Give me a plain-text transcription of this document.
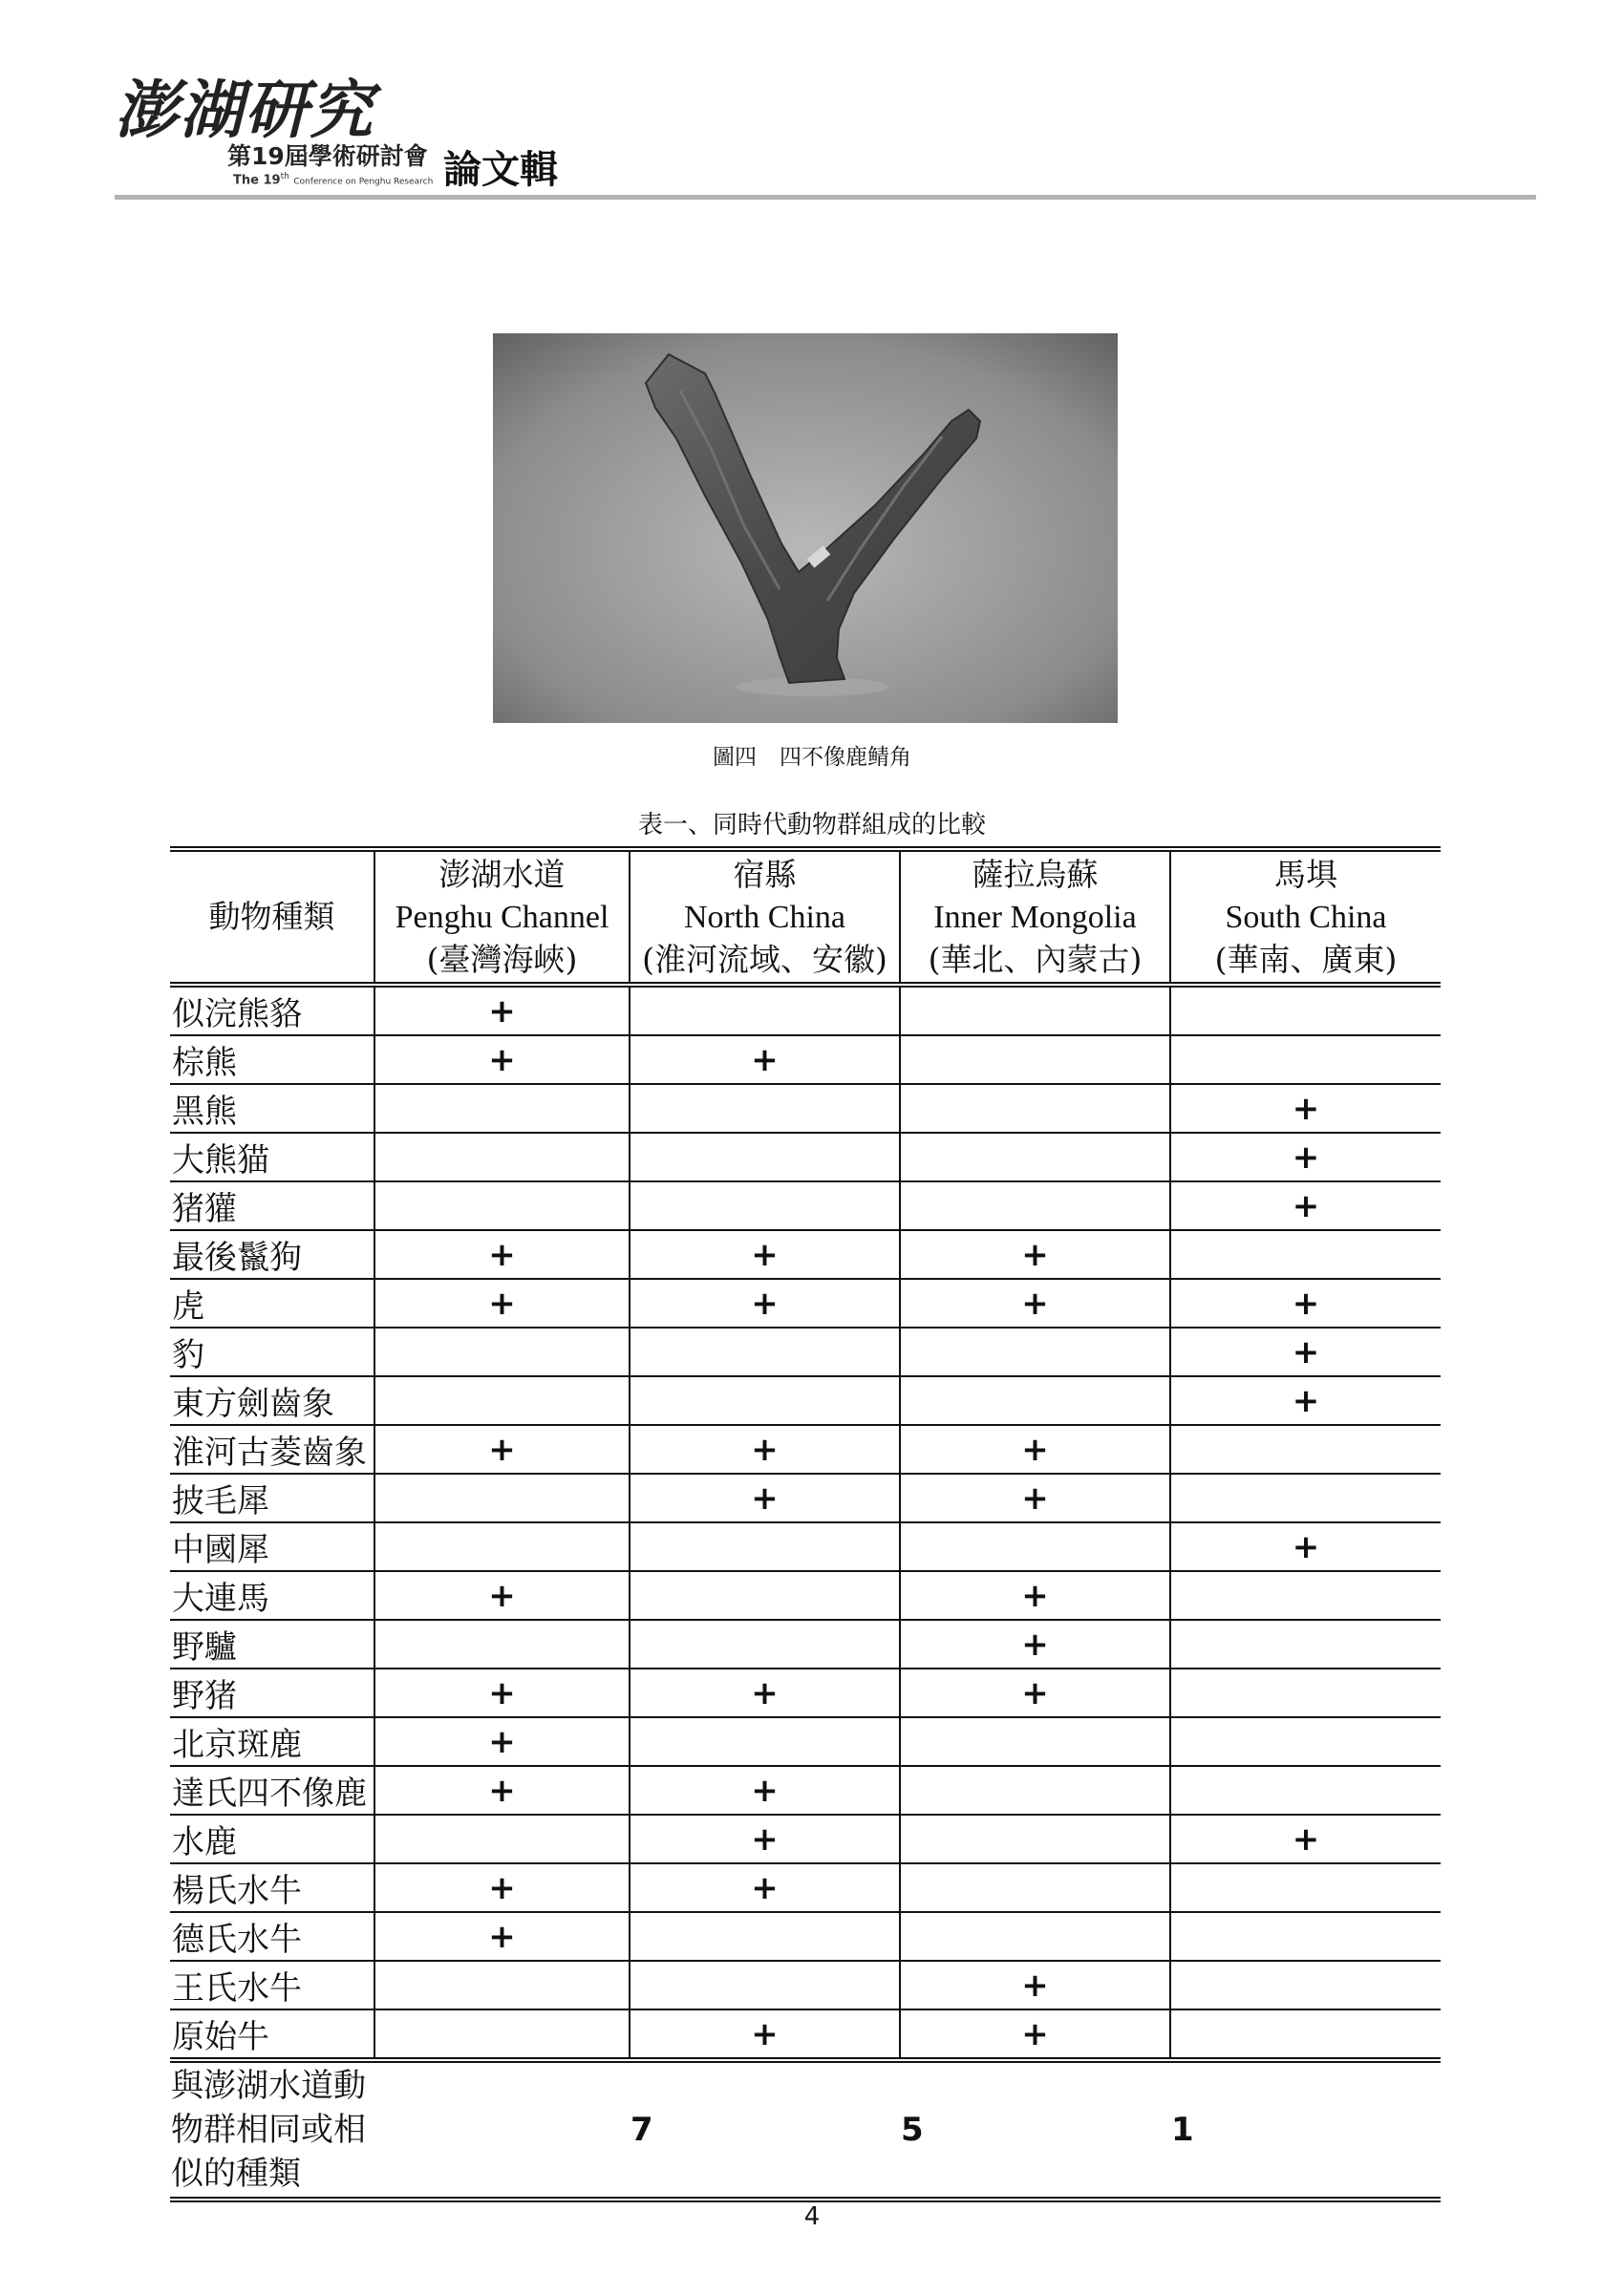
澎湖研究
第19屆學術研討會
The 19th Conference on Penghu Research 論文輯
圖四 四不像鹿鲭角
表一、同時代動物群組成的比較
動物種類	澎湖水道
Penghu Channel
(臺灣海峽)	宿縣
North China
(淮河流域、安徽)	薩拉烏蘇
Inner Mongolia
(華北、內蒙古)	馬埧
South China
(華南、廣東)
似浣熊貉	+			
棕熊	+	+		
黑熊				+
大熊猫				+
猪獾				+
最後鬣狗	+	+	+	
虎	+	+	+	+
豹				+
東方劍齒象				+
淮河古菱齒象	+	+	+	
披毛犀		+	+	
中國犀				+
大連馬	+		+	
野驢			+	
野猪	+	+	+	
北京斑鹿	+			
達氏四不像鹿	+	+		
水鹿		+		+
楊氏水牛	+	+		
德氏水牛	+			
王氏水牛			+	
原始牛		+	+	
與澎湖水道動
物群相同或相
似的種類		7	5	1
4
